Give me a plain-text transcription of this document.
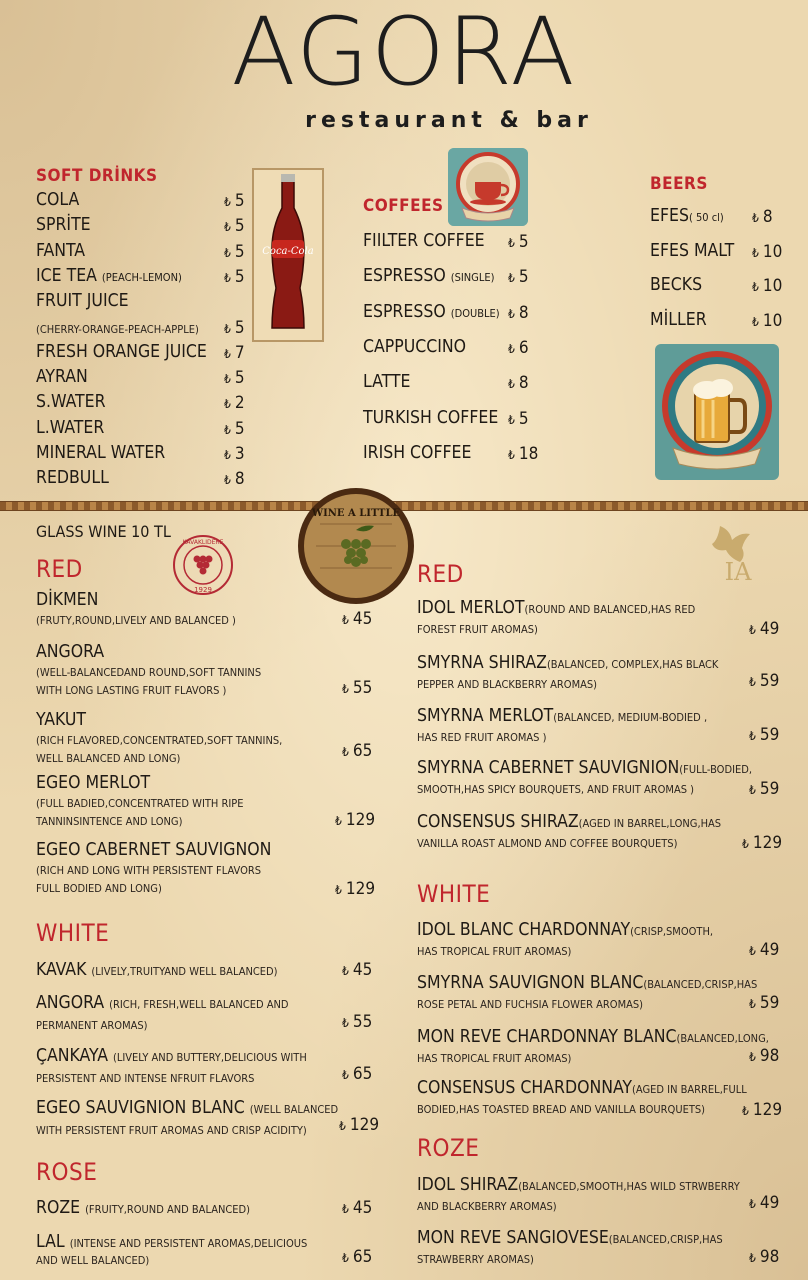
AGORA
restaurant & bar
SOFT DRİNKS
COLA	₺ 5
SPRİTE	₺ 5
FANTA	₺ 5
ICE TEA (PEACH-LEMON)	₺ 5
FRUIT JUICE
(CHERRY-ORANGE-PEACH-APPLE) ₺ 5
FRESH ORANGE JUICE ₺ 7
AYRAN	₺ 5
S.WATER	₺ 2
L.WATER	₺ 5
MINERAL WATER	₺ 3
REDBULL	₺ 8
Coca-Cola
COFFEES
FIILTER COFFEE ₺ 5
ESPRESSO (SINGLE) ₺ 5
ESPRESSO (DOUBLE) ₺ 8
CAPPUCCINO	₺ 6
LATTE	₺ 8
TURKISH COFFEE ₺ 5
IRISH COFFEE	₺ 18
BEERS
EFES( 50 cl) ₺ 8
EFES MALT ₺ 10
BECKS	₺ 10
MİLLER	₺ 10
WINE A LITTLE
KAVAKLIDERE
1929
IA
GLASS WINE 10 TL
RED
DİKMEN
(FRUTY,ROUND,LIVELY AND BALANCED )	₺ 45
ANGORA
(WELL-BALANCEDAND ROUND,SOFT TANNINS
WITH LONG LASTING FRUIT FLAVORS )	₺ 55
YAKUT
(RICH FLAVORED,CONCENTRATED,SOFT TANNINS,
WELL BALANCED AND LONG)	₺ 65
EGEO MERLOT
(FULL BADIED,CONCENTRATED WITH RIPE
TANNINSINTENCE AND LONG)	₺ 129
EGEO CABERNET SAUVIGNON
(RICH AND LONG WITH PERSISTENT FLAVORS
FULL BODIED AND LONG)	₺ 129
WHITE
KAVAK (LIVELY,TRUITYAND WELL BALANCED)	₺ 45
ANGORA (RICH, FRESH,WELL BALANCED AND
PERMANENT AROMAS)	₺ 55
ÇANKAYA (LIVELY AND BUTTERY,DELICIOUS WITH
PERSISTENT AND INTENSE NFRUIT FLAVORS	₺ 65
EGEO SAUVIGNION BLANC (WELL BALANCED
WITH PERSISTENT FRUIT AROMAS AND CRISP ACIDITY)	₺ 129
ROSE
ROZE (FRUITY,ROUND AND BALANCED)	₺ 45
LAL (INTENSE AND PERSISTENT AROMAS,DELICIOUS
AND WELL BALANCED)	₺ 65
RED
IDOL MERLOT(ROUND AND BALANCED,HAS RED
FOREST FRUIT AROMAS)	₺ 49
SMYRNA SHIRAZ(BALANCED, COMPLEX,HAS BLACK
PEPPER AND BLACKBERRY AROMAS)	₺ 59
SMYRNA MERLOT(BALANCED, MEDIUM-BODIED ,
HAS RED FRUIT AROMAS )	₺ 59
SMYRNA CABERNET SAUVIGNION(FULL-BODIED,
SMOOTH,HAS SPICY BOURQUETS, AND FRUIT AROMAS )	₺ 59
CONSENSUS SHIRAZ(AGED IN BARREL,LONG,HAS
VANILLA ROAST ALMOND AND COFFEE BOURQUETS)	₺ 129
WHITE
IDOL BLANC CHARDONNAY(CRISP,SMOOTH,
HAS TROPICAL FRUIT AROMAS)	₺ 49
SMYRNA SAUVIGNON BLANC(BALANCED,CRISP,HAS
ROSE PETAL AND FUCHSIA FLOWER AROMAS)	₺ 59
MON REVE CHARDONNAY BLANC(BALANCED,LONG,
HAS TROPICAL FRUIT AROMAS)	₺ 98
CONSENSUS CHARDONNAY(AGED IN BARREL,FULL
BODIED,HAS TOASTED BREAD AND VANILLA BOURQUETS)	₺ 129
ROZE
IDOL SHIRAZ(BALANCED,SMOOTH,HAS WILD STRWBERRY
AND BLACKBERRY AROMAS)	₺ 49
MON REVE SANGIOVESE(BALANCED,CRISP,HAS
STRAWBERRY AROMAS)	₺ 98
